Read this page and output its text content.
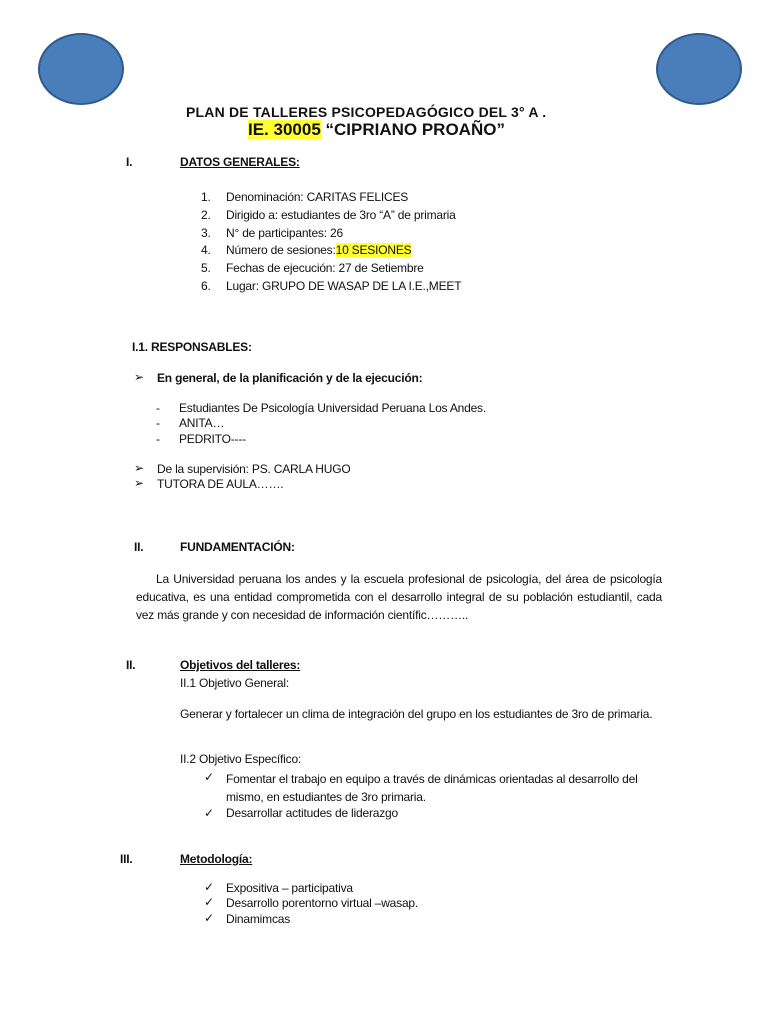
PLAN DE TALLERES PSICOPEDAGÓGICO DEL 3° A .
IE. 30005 “CIPRIANO PROAÑO”
I.	DATOS GENERALES:
1. Denominación: CARITAS FELICES
2. Dirigido a: estudiantes de 3ro “A” de primaria
3. N° de participantes: 26
4. Número de sesiones:10 SESIONES
5. Fechas de ejecución: 27 de Setiembre
6. Lugar: GRUPO DE WASAP DE LA I.E.,MEET
I.1. RESPONSABLES:
➢ En general, de la planificación y de la ejecución:
- Estudiantes De Psicología Universidad Peruana Los Andes.
- ANITA…
- PEDRITO----
➢ De la supervisión: PS. CARLA HUGO
➢ TUTORA DE AULA…….
II.	FUNDAMENTACIÓN:
La Universidad peruana los andes y la escuela profesional de psicología, del área de psicología educativa, es una entidad comprometida con el desarrollo integral de su población estudiantil, cada vez más grande y con necesidad de información científic………..
II.	Objetivos del talleres:
II.1 Objetivo General:
Generar y fortalecer un clima de integración del grupo en los estudiantes de 3ro de primaria.
II.2 Objetivo Específico:
✓ Fomentar el trabajo en equipo a través de dinámicas orientadas al desarrollo del mismo, en estudiantes de 3ro primaria.
✓ Desarrollar actitudes de liderazgo
III.	Metodología:
✓ Expositiva – participativa
✓ Desarrollo porentorno virtual –wasap.
✓ Dinamimcas
